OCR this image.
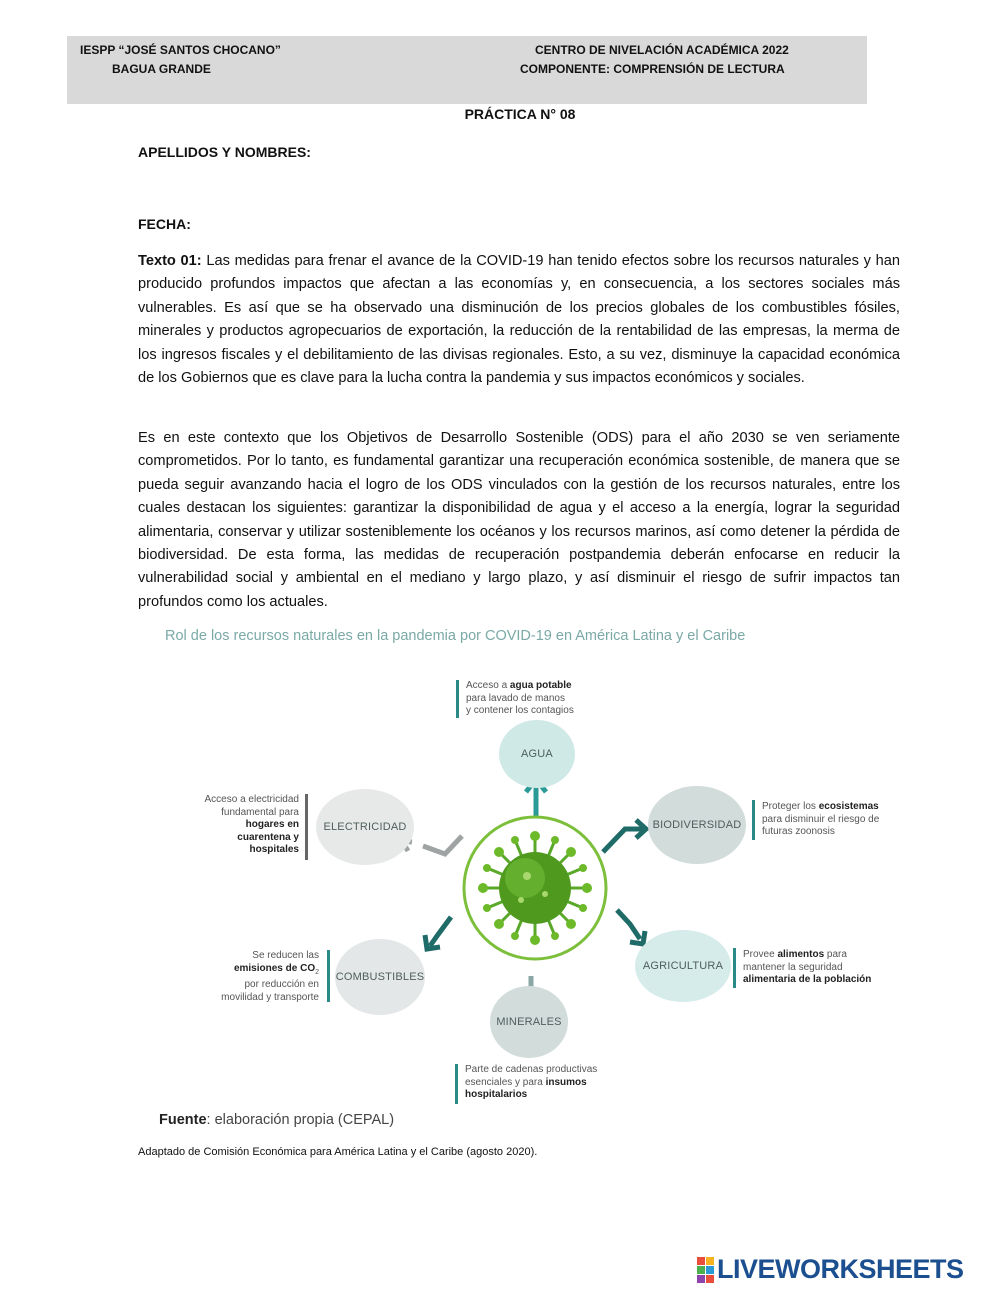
IESPP “JOSÉ SANTOS CHOCANO”
BAGUA GRANDE
CENTRO DE NIVELACIÓN ACADÉMICA 2022
COMPONENTE: COMPRENSIÓN DE LECTURA
PRÁCTICA N° 08
APELLIDOS Y NOMBRES:
FECHA:

Texto 01: Las medidas para frenar el avance de la COVID-19 han tenido efectos sobre los recursos naturales y han producido profundos impactos que afectan a las economías y, en consecuencia, a los sectores sociales más vulnerables. Es así que se ha observado una disminución de los precios globales de los combustibles fósiles, minerales y productos agropecuarios de exportación, la reducción de la rentabilidad de las empresas, la merma de los ingresos fiscales y el debilitamiento de las divisas regionales. Esto, a su vez, disminuye la capacidad económica de los Gobiernos que es clave para la lucha contra la pandemia y sus impactos económicos y sociales.

Es en este contexto que los Objetivos de Desarrollo Sostenible (ODS) para el año 2030 se ven seriamente comprometidos. Por lo tanto, es fundamental garantizar una recuperación económica sostenible, de manera que se pueda seguir avanzando hacia el logro de los ODS vinculados con la gestión de los recursos naturales, entre los cuales destacan los siguientes: garantizar la disponibilidad de agua y el acceso a la energía, lograr la seguridad alimentaria, conservar y utilizar sosteniblemente los océanos y los recursos marinos, así como detener la pérdida de biodiversidad. De esta forma, las medidas de recuperación postpandemia deberán enfocarse en reducir la vulnerabilidad social y ambiental en el mediano y largo plazo, y así disminuir el riesgo de sufrir impactos tan profundos como los actuales.

Rol de los recursos naturales en la pandemia por COVID-19 en América Latina y el Caribe
AGUA
ELECTRICIDAD	BIODIVERSIDAD
COMBUSTIBLES
AGRICULTURA
MINERALES
Acceso a agua potable
para lavado de manos
y contener los contagios
Acceso a electricidad
fundamental para
hogares en
cuarentena y
hospitales
Proteger los ecosistemas
para disminuir el riesgo de
futuras zoonosis
Se reducen las
emisiones de $CO_2$
por reducción en
movilidad y transporte
Provee alimentos para
mantener la seguridad
alimentaria de la población
Parte de cadenas productivas
esenciales y para insumos
hospitalarios
Fuente: elaboración propia (CEPAL)
Adaptado de Comisión Económica para América Latina y el Caribe (agosto 2020).
LIVEWORKSHEETS
